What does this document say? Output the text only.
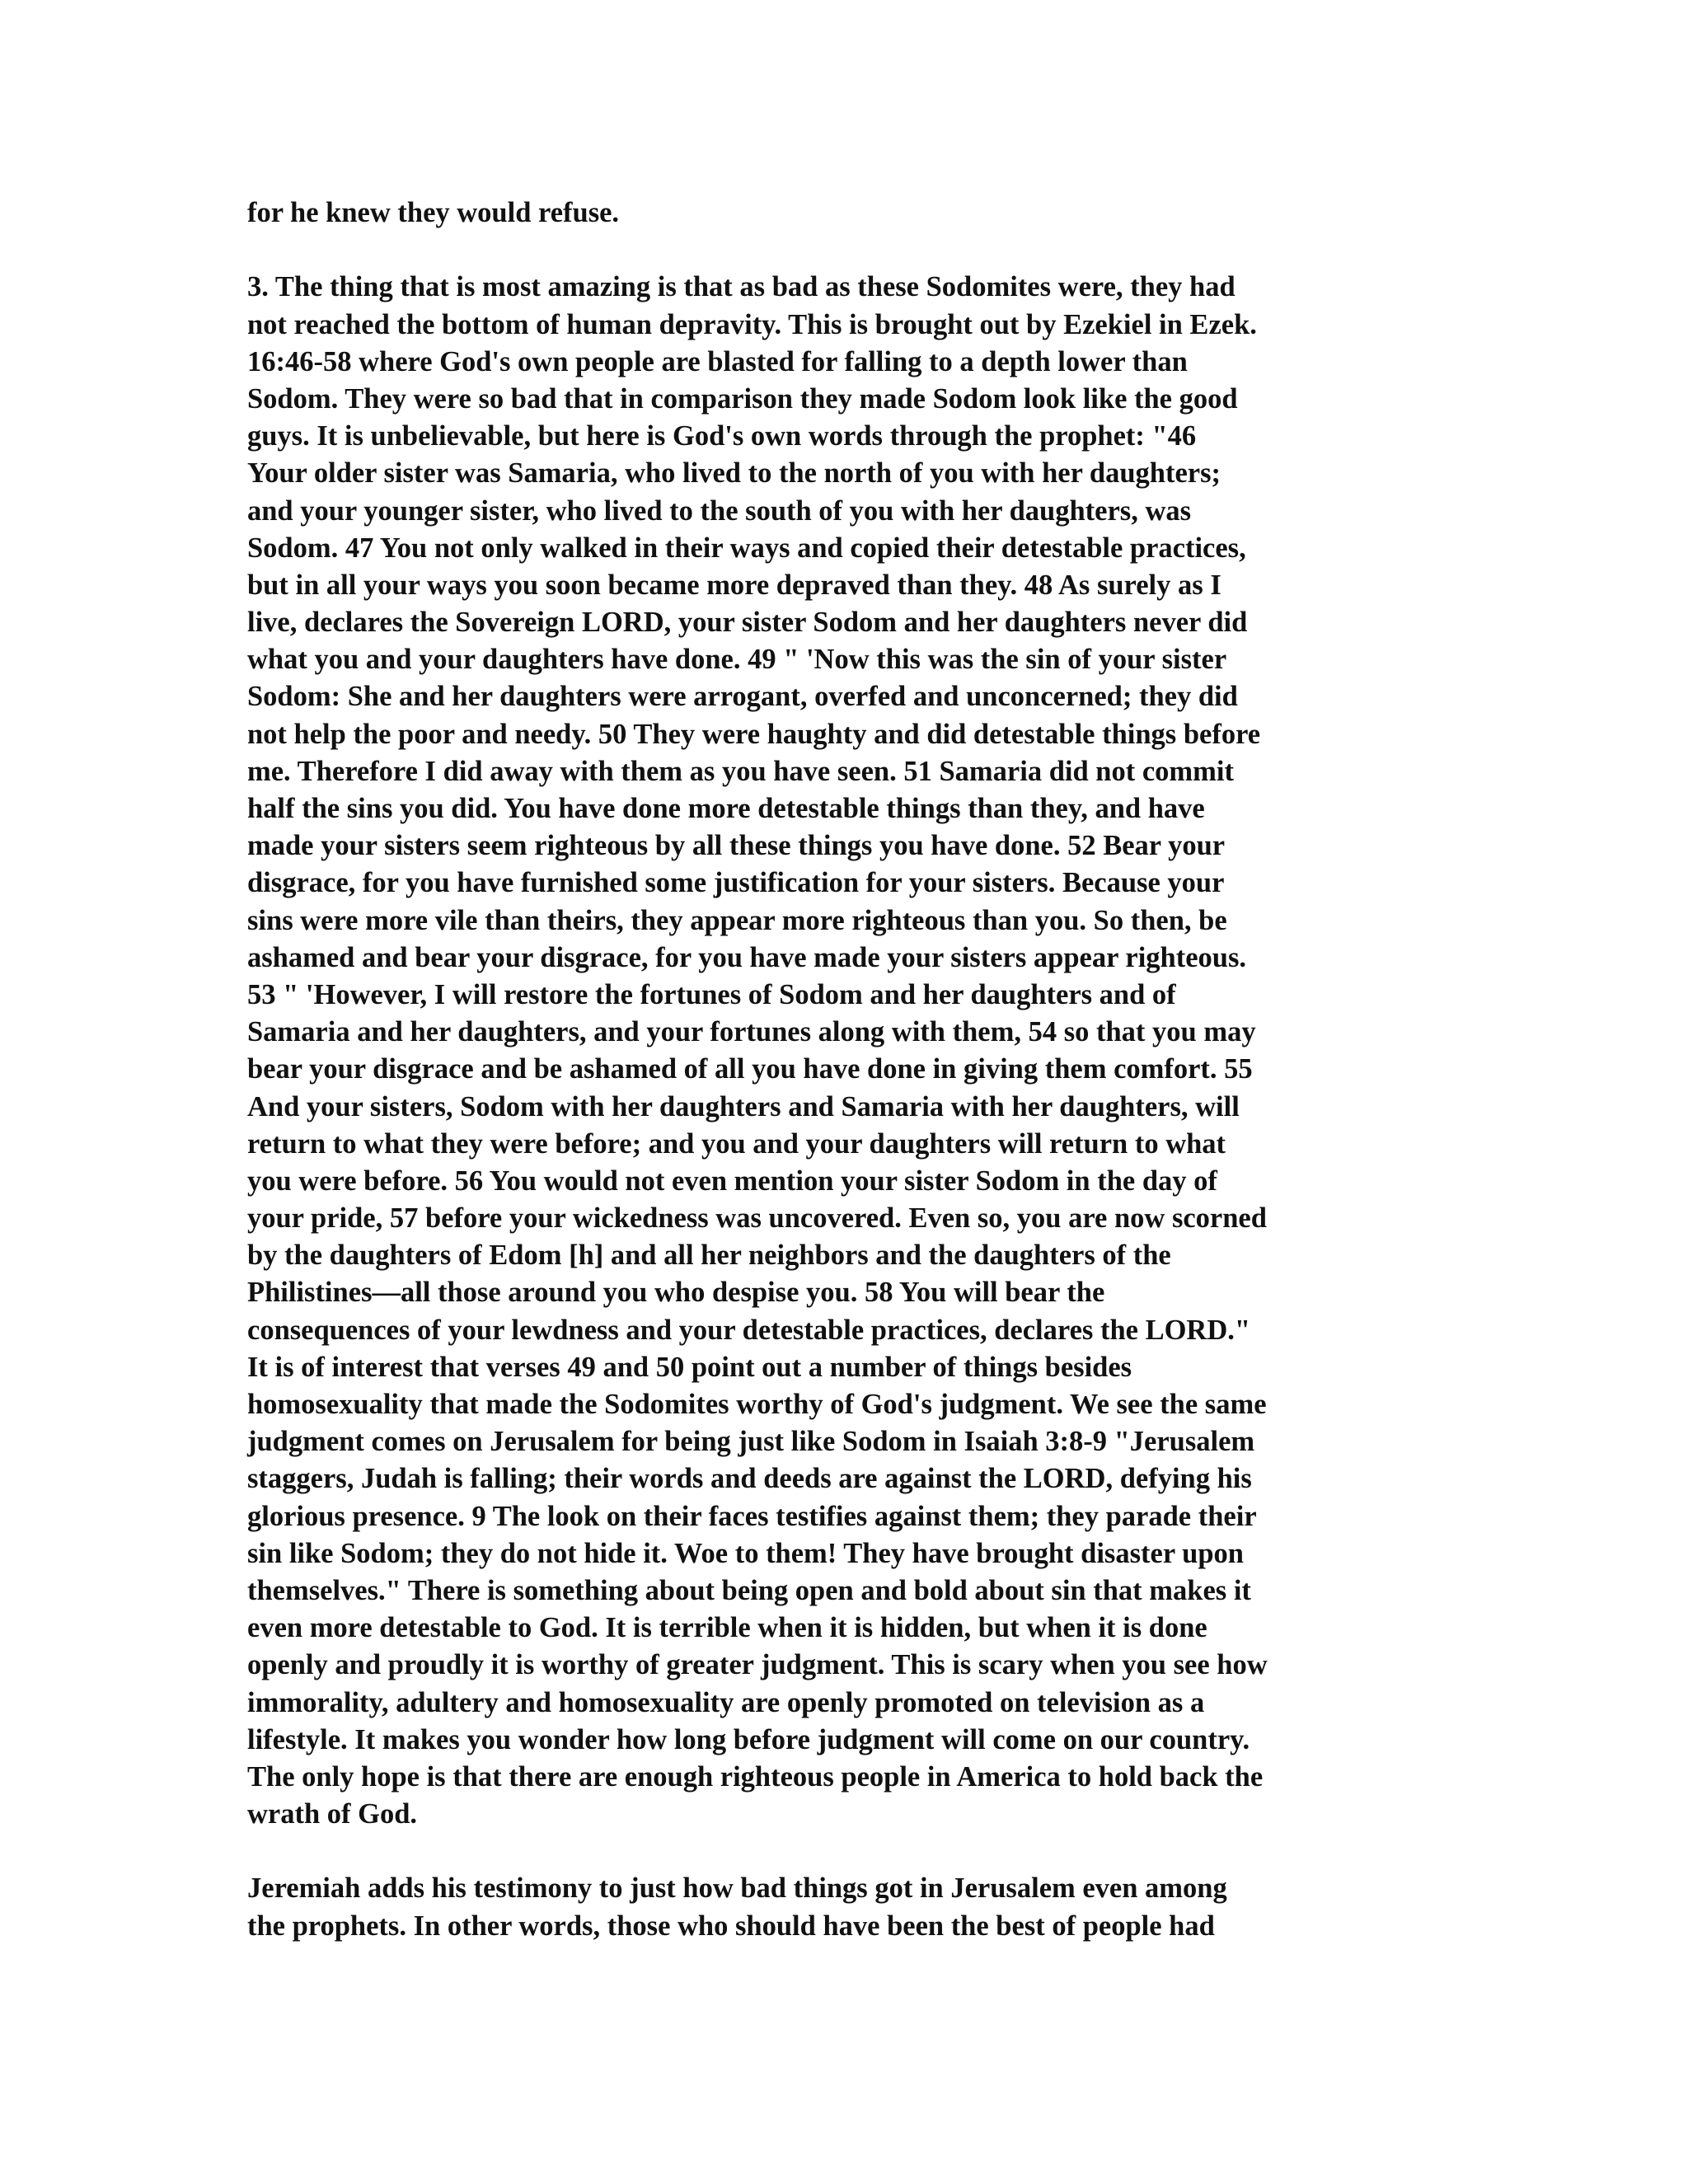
for he knew they would refuse.
3. The thing that is most amazing is that as bad as these Sodomites were, they had
not reached the bottom of human depravity. This is brought out by Ezekiel in Ezek.
16:46-58 where God's own people are blasted for falling to a depth lower than
Sodom. They were so bad that in comparison they made Sodom look like the good
guys. It is unbelievable, but here is God's own words through the prophet: "46
Your older sister was Samaria, who lived to the north of you with her daughters;
and your younger sister, who lived to the south of you with her daughters, was
Sodom. 47 You not only walked in their ways and copied their detestable practices,
but in all your ways you soon became more depraved than they. 48 As surely as I
live, declares the Sovereign LORD, your sister Sodom and her daughters never did
what you and your daughters have done. 49 " 'Now this was the sin of your sister
Sodom: She and her daughters were arrogant, overfed and unconcerned; they did
not help the poor and needy. 50 They were haughty and did detestable things before
me. Therefore I did away with them as you have seen. 51 Samaria did not commit
half the sins you did. You have done more detestable things than they, and have
made your sisters seem righteous by all these things you have done. 52 Bear your
disgrace, for you have furnished some justification for your sisters. Because your
sins were more vile than theirs, they appear more righteous than you. So then, be
ashamed and bear your disgrace, for you have made your sisters appear righteous.
53 " 'However, I will restore the fortunes of Sodom and her daughters and of
Samaria and her daughters, and your fortunes along with them, 54 so that you may
bear your disgrace and be ashamed of all you have done in giving them comfort. 55
And your sisters, Sodom with her daughters and Samaria with her daughters, will
return to what they were before; and you and your daughters will return to what
you were before. 56 You would not even mention your sister Sodom in the day of
your pride, 57 before your wickedness was uncovered. Even so, you are now scorned
by the daughters of Edom [h] and all her neighbors and the daughters of the
Philistines—all those around you who despise you. 58 You will bear the
consequences of your lewdness and your detestable practices, declares the LORD."
It is of interest that verses 49 and 50 point out a number of things besides
homosexuality that made the Sodomites worthy of God's judgment. We see the same
judgment comes on Jerusalem for being just like Sodom in Isaiah 3:8-9 "Jerusalem
staggers, Judah is falling; their words and deeds are against the LORD, defying his
glorious presence. 9 The look on their faces testifies against them; they parade their
sin like Sodom; they do not hide it. Woe to them! They have brought disaster upon
themselves." There is something about being open and bold about sin that makes it
even more detestable to God. It is terrible when it is hidden, but when it is done
openly and proudly it is worthy of greater judgment. This is scary when you see how
immorality, adultery and homosexuality are openly promoted on television as a
lifestyle. It makes you wonder how long before judgment will come on our country.
The only hope is that there are enough righteous people in America to hold back the
wrath of God.
Jeremiah adds his testimony to just how bad things got in Jerusalem even among
the prophets. In other words, those who should have been the best of people had
